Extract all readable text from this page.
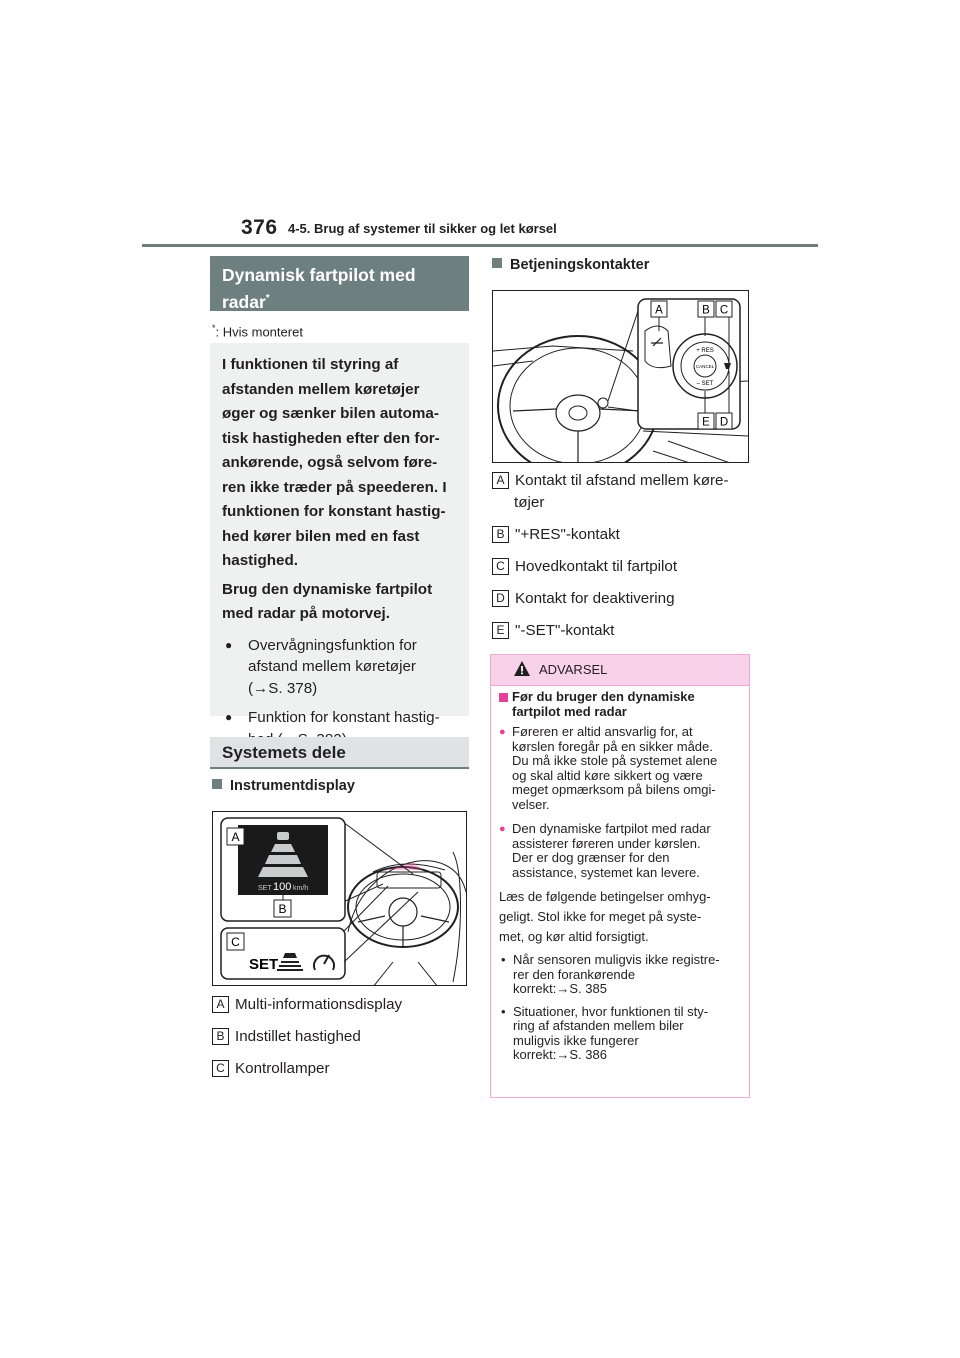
376 4-5. Brug af systemer til sikker og let kørsel
Dynamisk fartpilot med radar*
*: Hvis monteret

I funktionen til styring af

afstanden mellem køretøjer

øger og sænker bilen automa-

tisk hastigheden efter den for-

ankørende, også selvom føre-

ren ikke træder på speederen. I

funktionen for konstant hastig-

hed kører bilen med en fast

hastighed.

Brug den dynamiske fartpilot

med radar på motorvej.

● Overvågningsfunktion for
afstand mellem køretøjer
(→S. 378)
● Funktion for konstant hastig-
Systemets dele
Instrumentdisplay
SET 100 km/h
A
B
C
SET
A Multi-informationsdisplay
B Indstillet hastighed
C Kontrollamper
Betjeningskontakter
+ RES
CANCEL
– SET
A	B C
D
E
A Kontakt til afstand mellem køre-
tøjer
B "+RES"-kontakt
C Hovedkontakt til fartpilot
D Kontakt for deaktivering
E "-SET"-kontakt
ADVARSEL
Før du bruger den dynamiske
fartpilot med radar
● Føreren er altid ansvarlig for, at
kørslen foregår på en sikker måde.
Du må ikke stole på systemet alene
og skal altid køre sikkert og være
meget opmærksom på bilens omgi-
velser.
● Den dynamiske fartpilot med radar
assisterer føreren under kørslen.
Der er dog grænser for den
assistance, systemet kan levere.
Læs de følgende betingelser omhyg-
geligt. Stol ikke for meget på syste-
met, og kør altid forsigtigt.
• Når sensoren muligvis ikke registre-
rer den forankørende
korrekt:→S. 385
• Situationer, hvor funktionen til sty-
ring af afstanden mellem biler
muligvis ikke fungerer
korrekt:→S. 386
